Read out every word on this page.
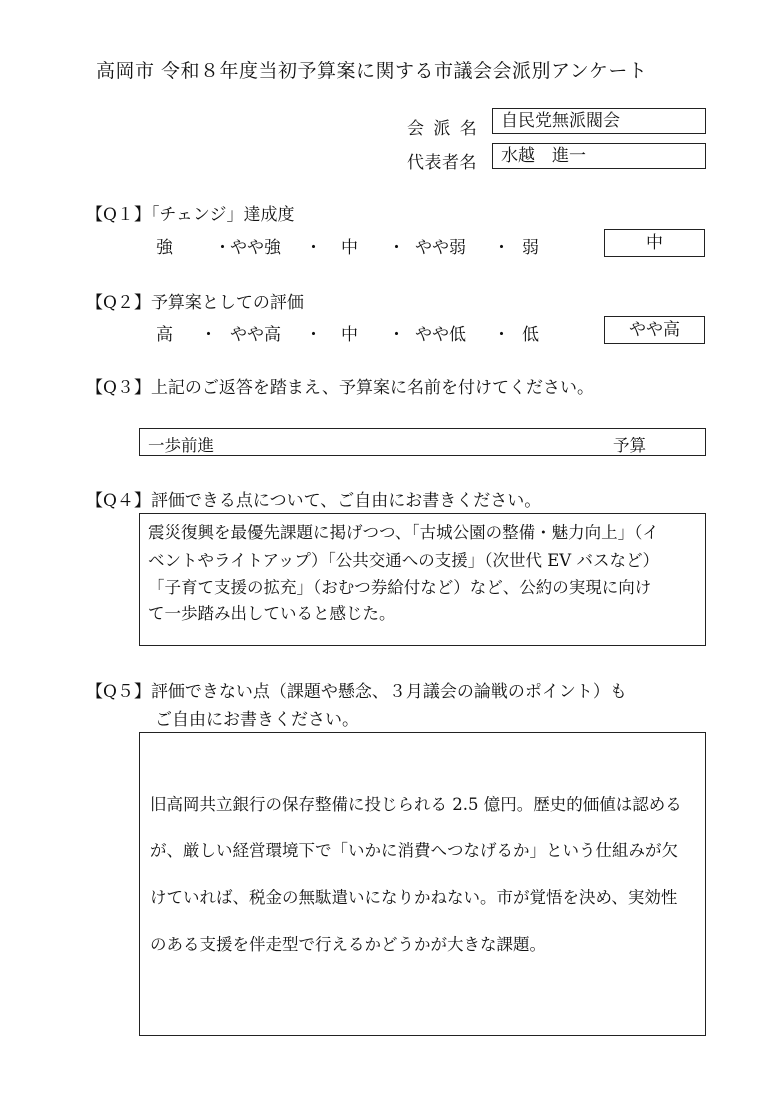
高岡市 令和８年度当初予算案に関する市議会会派別アンケート
会 派 名	自民党無派閥会
代表者名	水越　進一
【Q１】「チェンジ」達成度
強 ・ やや強 ・ 中 ・ やや弱 ・ 弱	中
【Q２】予算案としての評価
高 ・ やや高 ・ 中 ・ やや低 ・ 低	やや高
【Q３】上記のご返答を踏まえ、予算案に名前を付けてください。
一歩前進	予算
【Q４】評価できる点について、ご自由にお書きください。
震災復興を最優先課題に掲げつつ、「古城公園の整備・魅力向上」（イ
ベントやライトアップ）「公共交通への支援」（次世代 EV バスなど）
「子育て支援の拡充」（おむつ券給付など）など、公約の実現に向け
て一歩踏み出していると感じた。
【Q５】評価できない点（課題や懸念、３月議会の論戦のポイント）も
ご自由にお書きください。
旧高岡共立銀行の保存整備に投じられる 2.5 億円。歴史的価値は認める
が、厳しい経営環境下で「いかに消費へつなげるか」という仕組みが欠
けていれば、税金の無駄遣いになりかねない。市が覚悟を決め、実効性
のある支援を伴走型で行えるかどうかが大きな課題。
